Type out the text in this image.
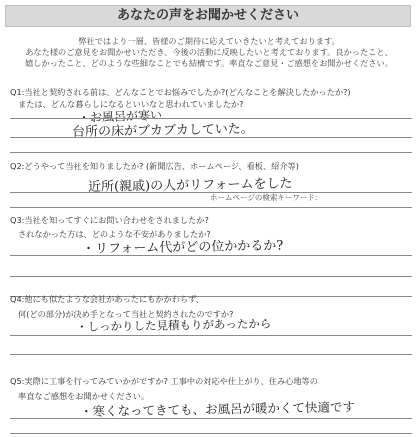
あなたの声をお聞かせください
弊社ではより一層、皆様のご期待に応えていきたいと考えております。
あなた様のご意見をお聞かせいただき、今後の活動に反映したいと考えております。良かったこと、
嬉しかったこと、どのような些細なことでも結構です。率直なご意見・ご感想をお聞かせください。
Q1:当社と契約される前は、どんなことでお悩みでしたか?(どんなことを解決したかったか?)
または、どんな暮らしになるといいなと思われていましたか?
・お風呂が寒い
台所の床がブカブカしていた。
Q2:どうやって当社を知りましたか? (新聞広告、ホームページ、看板、紹介等)
近所(親戚)の人がリフォームをした
ホームページの検索キーワード:
Q3:当社を知ってすぐにお問い合わせをされましたか?
されなかった方は、どのような不安がありましたか?
・リフォーム代がどの位かかるか?
Q4:他にも似たような会社があったにもかかわらず、
何(どの部分)が決め手となって当社と契約されたのですか?
・しっかりした見積もりがあったから
Q5:実際に工事を行ってみていかがですか? 工事中の対応や仕上がり、住み心地等の
率直なご感想をお聞かせください。
・寒くなってきても、お風呂が暖かくて快適です
